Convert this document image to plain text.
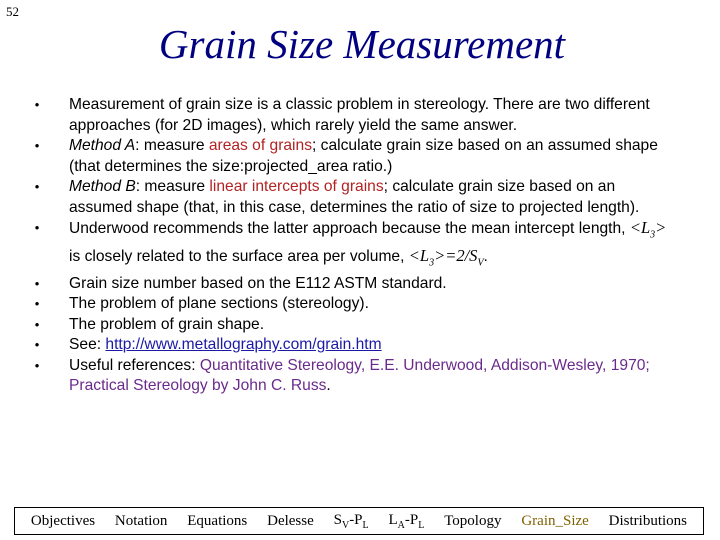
52
Grain Size Measurement
• Measurement of grain size is a classic problem in stereology. There are two different approaches (for 2D images), which rarely yield the same answer.
• Method A: measure areas of grains; calculate grain size based on an assumed shape (that determines the size:projected_area ratio.)
• Method B: measure linear intercepts of grains; calculate grain size based on an assumed shape (that, in this case, determines the ratio of size to projected length).
• Underwood recommends the latter approach because the mean intercept length, $<L_3>$ is closely related to the surface area per volume, $<L_3>=2/S_V$.
• Grain size number based on the E112 ASTM standard.
• The problem of plane sections (stereology).
• The problem of grain shape.
• See: http://www.metallography.com/grain.htm
• Useful references: Quantitative Stereology, E.E. Underwood, Addison-Wesley, 1970; Practical Stereology by John C. Russ.
Objectives Notation Equations Delesse $S_V-P_L$ $L_A-P_L$ Topology Grain_Size Distributions
